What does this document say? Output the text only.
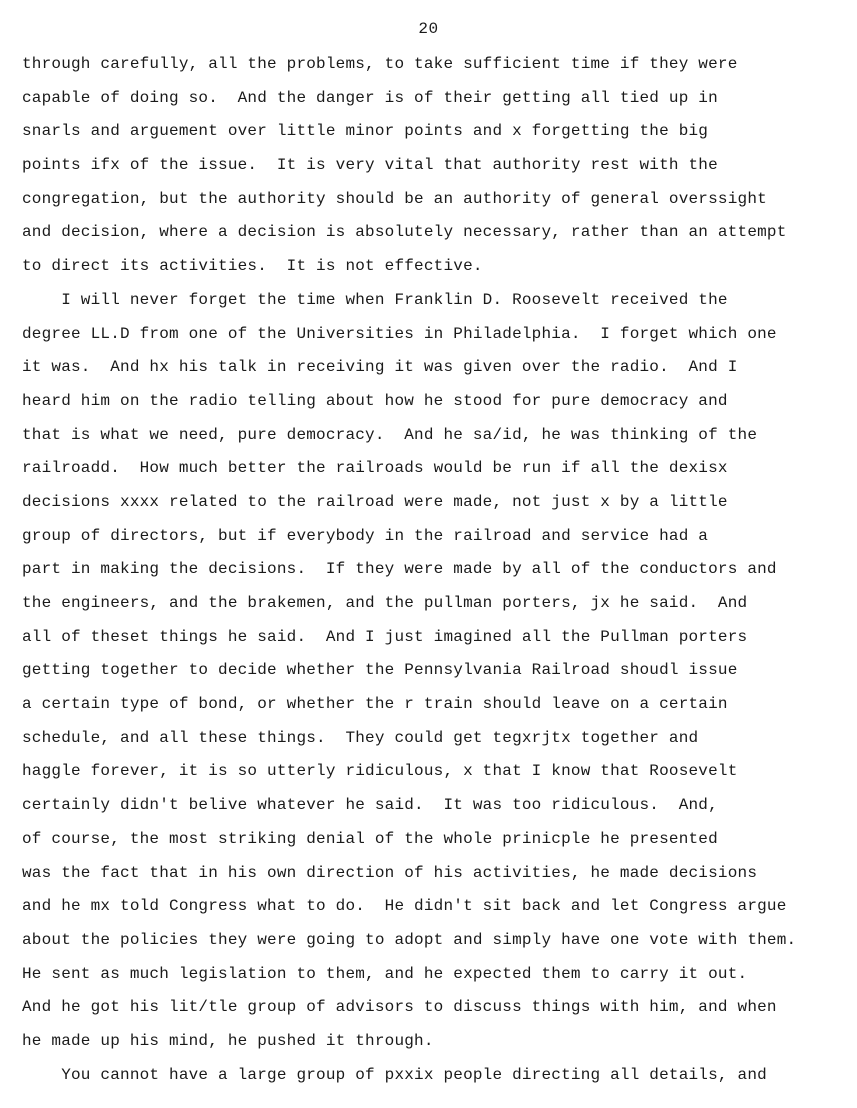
20
through carefully, all the problems, to take sufficient time if they were
capable of doing so.  And the danger is of their getting all tied up in
snarls and arguement over little minor points and x forgetting the big
points ifx of the issue.  It is very vital that authority rest with the
congregation, but the authority should be an authority of general overssight
and decision, where a decision is absolutely necessary, rather than an attempt
to direct its activities.  It is not effective.
I will never forget the time when Franklin D. Roosevelt received the
degree LL.D from one of the Universities in Philadelphia.  I forget which one
it was.  And hx his talk in receiving it was given over the radio.  And I
heard him on the radio telling about how he stood for pure democracy and
that is what we need, pure democracy.  And he sa/id, he was thinking of the
railroadd.  How much better the railroads would be run if all the dexisx
decisions xxxx related to the railroad were made, not just x by a little
group of directors, but if everybody in the railroad and service had a
part in making the decisions.  If they were made by all of the conductors and
the engineers, and the brakemen, and the pullman porters, jx he said.  And
all of theset things he said.  And I just imagined all the Pullman porters
getting together to decide whether the Pennsylvania Railroad shoudl issue
a certain type of bond, or whether the r train should leave on a certain
schedule, and all these things.  They could get tegxrjtx together and
haggle forever, it is so utterly ridiculous, x that I know that Roosevelt
certainly didn't belive whatever he said.  It was too ridiculous.  And,
of course, the most striking denial of the whole prinicple he presented
was the fact that in his own direction of his activities, he made decisions
and he mx told Congress what to do.  He didn't sit back and let Congress argue
about the policies they were going to adopt and simply have one vote with them.
He sent as much legislation to them, and he expected them to carry it out.
And he got his lit/tle group of advisors to discuss things with him, and when
he made up his mind, he pushed it through.
You cannot have a large group of pxxix people directing all details, and
